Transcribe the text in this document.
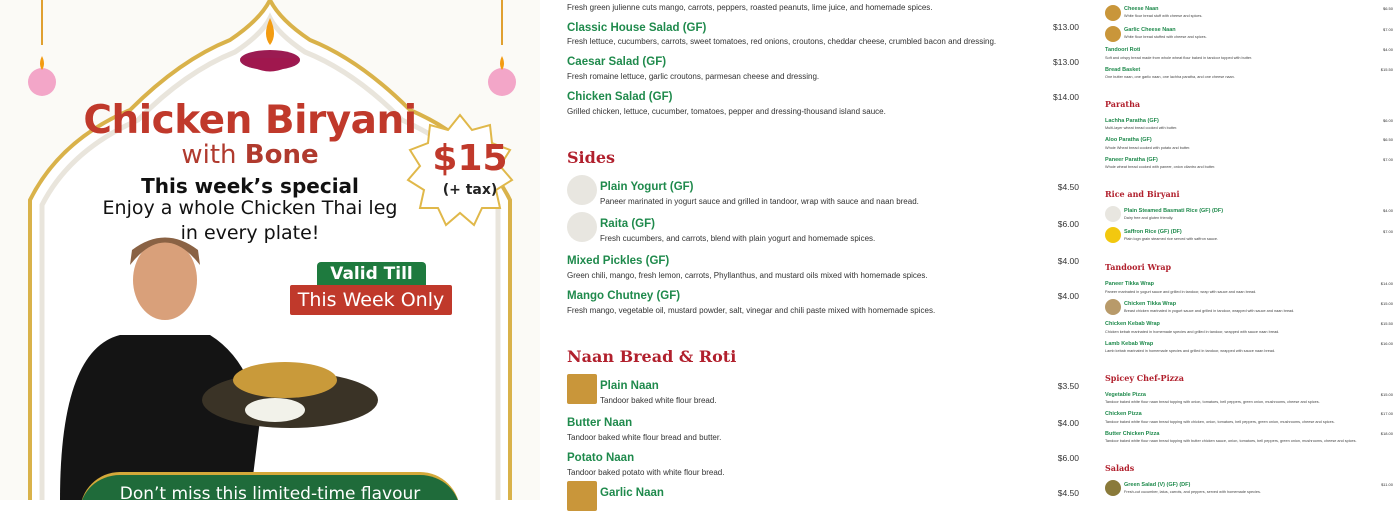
Chicken Biryani
with Bone
This week’s special
Enjoy a whole Chicken Thai leg
in every plate!
$15
(+ tax)
Valid Till
This Week Only
Don’t miss this limited-time flavour
Fresh green julienne cuts mango, carrots, peppers, roasted peanuts, lime juice, and homemade spices.
Classic House Salad (GF)
Fresh lettuce, cucumbers, carrots, sweet tomatoes, red onions, croutons, cheddar cheese, crumbled bacon and dressing.
$13.00
Caesar Salad (GF)
Fresh romaine lettuce, garlic croutons, parmesan cheese and dressing.
$13.00
Chicken Salad (GF)
Grilled chicken, lettuce, cucumber, tomatoes, pepper and dressing-thousand island sauce.
$14.00
Sides
Plain Yogurt (GF)
Paneer marinated in yogurt sauce and grilled in tandoor, wrap with sauce and naan bread.
$4.50
Raita (GF)
Fresh cucumbers, and carrots, blend with plain yogurt and homemade spices.
$6.00
Mixed Pickles (GF)
Green chili, mango, fresh lemon, carrots, Phyllanthus, and mustard oils mixed with homemade spices.
$4.00
Mango Chutney (GF)
Fresh mango, vegetable oil, mustard powder, salt, vinegar and chili paste mixed with homemade spices.
$4.00
Naan Bread & Roti
Plain Naan
Tandoor baked white flour bread.
$3.50
Butter Naan
Tandoor baked white flour bread and butter.
$4.00
Potato Naan
Tandoor baked potato with white flour bread.
$6.00
Garlic Naan	$4.50
Cheese Naan
White flour bread stuff with cheese and spices.
$6.50
Garlic Cheese Naan
White flour bread stuffed with cheese and spices.
$7.00
Tandoori Roti
Soft and crispy bread made from whole wheat flour baked in tandoor topped with butter.
$4.00
Bread Basket
One butter naan, one garlic naan, one lachha paratha, and one cheese naan.
$15.50
Paratha
Lachha Paratha (GF)
Multi-layer wheat bread cooked with butter.
$6.00
Aloo Paratha (GF)
Whole Wheat bread cooked with potato and butter.
$6.50
Paneer Paratha (GF)
Whole wheat bread cooked with paneer, onion cilantro and butter.
$7.00
Rice and Biryani
Plain Steamed Basmati Rice (GF) (DF)
Dairy free and gluten friendly.
$4.00
Saffron Rice (GF) (DF)
Plain logn grain steamed rice served with saffron sauce.
$7.00
Tandoori Wrap
Paneer Tikka Wrap
Paneer marinated in yogurt sauce and grilled in tandoor, wrap with sauce and naan bread.
$14.00
Chicken Tikka Wrap
Breast chicken marinated in yogurt sauce and grilled in tandoor, wrapped with sauce and naan bread.
$15.00
Chicken Kebab Wrap
Chicken kebab marinated in homemade species and grilled in tandoor, wrapped with sauce naan bread.
$15.50
Lamb Kebab Wrap
Lamb kebab marinated in homemade species and grilled in tandoor, wrapped with sauce naan bread.
$16.00
Spicey Chef-Pizza
Vegetable Pizza
Tandoor baked white flour naan bread topping with onion, tomatoes, bell peppers, green onion, mushrooms, cheese and spices.
$15.00
Chicken Pizza
Tandoor baked white flour naan bread topping with chicken, onion, tomatoes, bell peppers, green onion, mushrooms, cheese and spices.
$17.00
Butter Chicken Pizza
Tandoor baked white flour naan bread topping with butter chicken sauce, onion, tomatoes, bell peppers, green onion, mushrooms, cheese and spices.
$18.00
Salads
Green Salad (V) (GF) (DF)
Fresh-cut cucumber, latus, carrots, and peppers, served with homemade species.
$11.00
